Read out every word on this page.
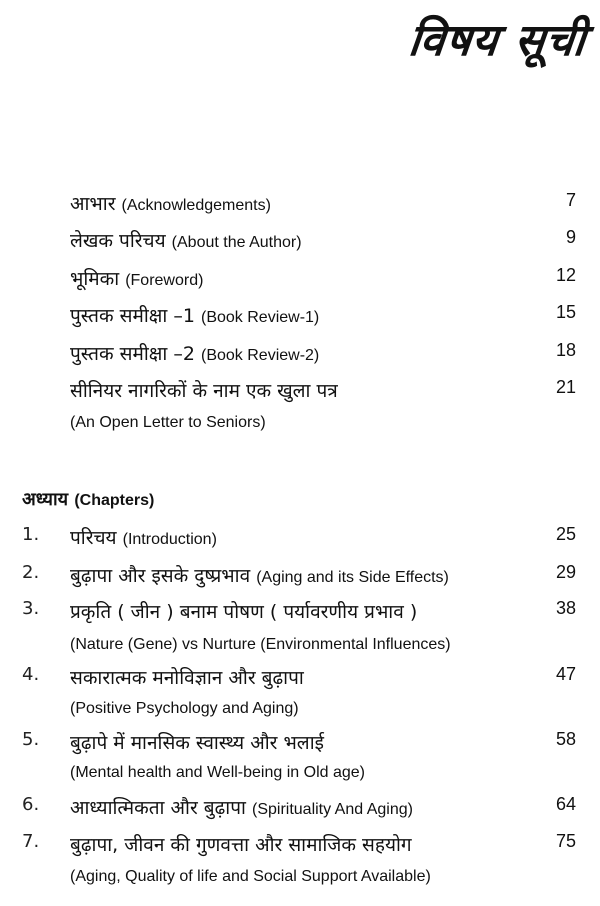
विषय सूची
आभार (Acknowledgements)	7
लेखक परिचय (About the Author)	9
भूमिका (Foreword)	12
पुस्तक समीक्षा –1 (Book Review-1)	15
पुस्तक समीक्षा –2 (Book Review-2)	18
सीनियर नागरिकों के नाम एक खुला पत्र	21
(An Open Letter to Seniors)
अध्याय (Chapters)
1. परिचय (Introduction)	25
2. बुढ़ापा और इसके दुष्प्रभाव (Aging and its Side Effects)	29
3. प्रकृति ( जीन ) बनाम पोषण ( पर्यावरणीय प्रभाव )	38
(Nature (Gene) vs Nurture (Environmental Influences)
4. सकारात्मक मनोविज्ञान और बुढ़ापा	47
(Positive Psychology and Aging)
5. बुढ़ापे में मानसिक स्वास्थ्य और भलाई	58
(Mental health and Well-being in Old age)
6. आध्यात्मिकता और बुढ़ापा (Spirituality And Aging)	64
7. बुढ़ापा, जीवन की गुणवत्ता और सामाजिक सहयोग	75
(Aging, Quality of life and Social Support Available)
